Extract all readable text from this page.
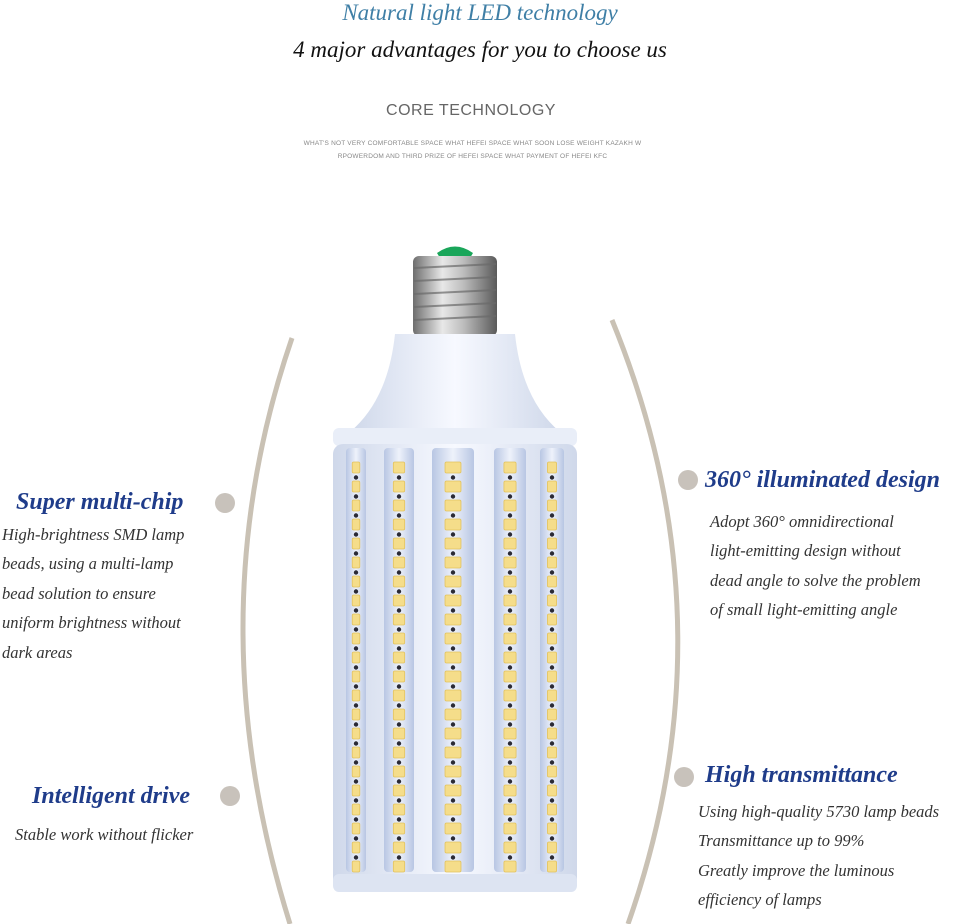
Natural light LED technology
4 major advantages for you to choose us
CORE TECHNOLOGY
WHAT'S NOT VERY COMFORTABLE SPACE WHAT HEFEI SPACE WHAT SOON LOSE WEIGHT KAZAKH W
RPOWERDOM AND THIRD PRIZE OF HEFEI SPACE WHAT PAYMENT OF HEFEI KFC
Super multi-chip
High-brightness SMD lamp
beads, using a multi-lamp
bead solution to ensure
uniform brightness without
dark areas
Intelligent drive
Stable work without flicker
360° illuminated design
Adopt 360° omnidirectional
light-emitting design without
dead angle to solve the problem
of small light-emitting angle
High transmittance
Using high-quality 5730 lamp beads
Transmittance up to 99%
Greatly improve the luminous
efficiency of lamps
